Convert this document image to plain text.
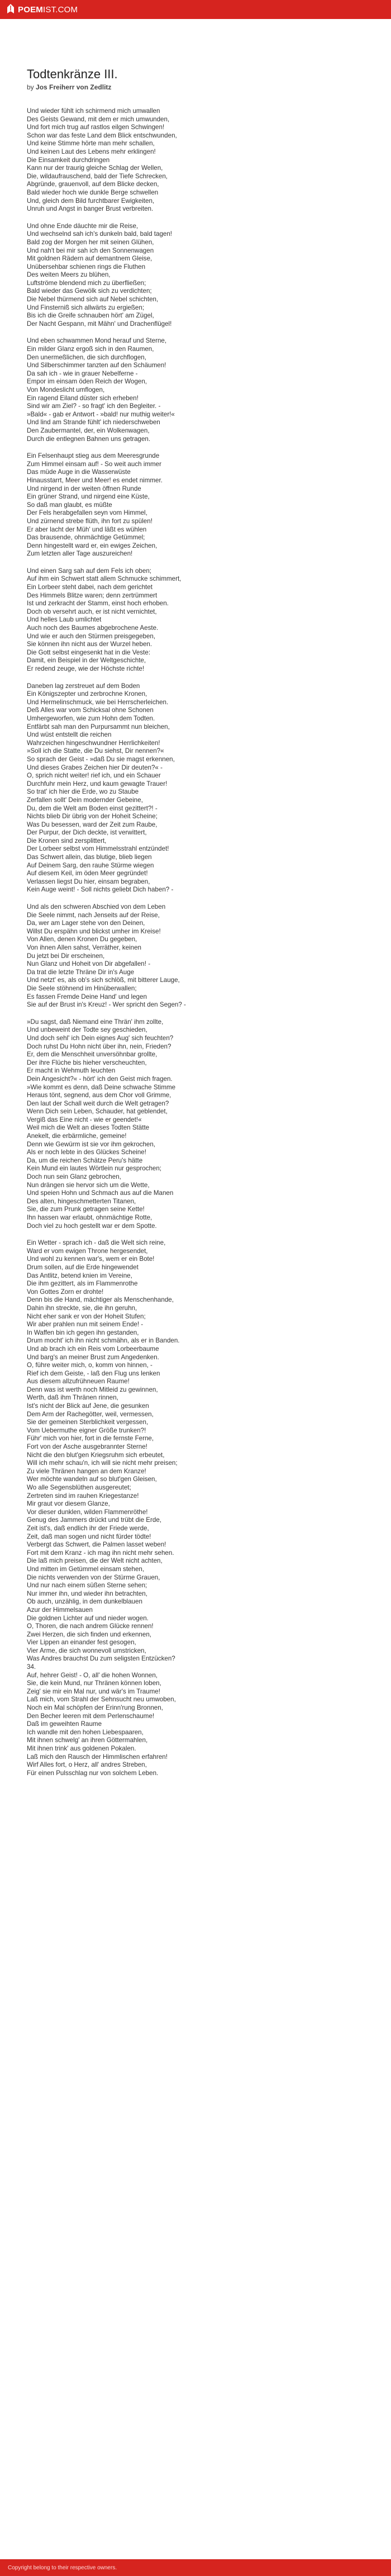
POEMIST.COM
Todtenkränze III.
by Jos Freiherr von Zedlitz

Und wieder fühlt ich schirmend mich umwallen
Des Geists Gewand, mit dem er mich umwunden,
Und fort mich trug auf rastlos eilgen Schwingen!
Schon war das feste Land dem Blick entschwunden,
Und keine Stimme hörte man mehr schallen,
Und keinen Laut des Lebens mehr erklingen!
Die Einsamkeit durchdringen
Kann nur der traurig gleiche Schlag der Wellen,
Die, wildaufrauschend, bald der Tiefe Schrecken,
Abgründe, grauenvoll, auf dem Blicke decken,
Bald wieder hoch wie dunkle Berge schwellen
Und, gleich dem Bild furchtbarer Ewigkeiten,
Unruh und Angst in banger Brust verbreiten.

Und ohne Ende däuchte mir die Reise,
Und wechselnd sah ich's dunkeln bald, bald tagen!
Bald zog der Morgen her mit seinen Glühen,
Und nah't bei mir sah ich den Sonnenwagen
Mit goldnen Rädern auf demantnem Gleise,
Unübersehbar schienen rings die Fluthen
Des weiten Meers zu blühen,
Luftströme blendend mich zu überfließen;
Bald wieder das Gewölk sich zu verdichten;
Die Nebel thürmend sich auf Nebel schichten,
Und Finsterniß sich allwärts zu ergießen;
Bis ich die Greife schnauben hört' am Zügel,
Der Nacht Gespann, mit Mähn' und Drachenflügel!

Und eben schwammen Mond herauf und Sterne,
Ein milder Glanz ergoß sich in den Raumen,
Den unermeßlichen, die sich durchflogen,
Und Silberschimmer tanzten auf den Schäumen!
Da sah ich - wie in grauer Nebelferne -
Empor im einsam öden Reich der Wogen,
Von Mondeslicht umflogen,
Ein ragend Eiland düster sich erheben!
Sind wir am Ziel? - so fragt' ich den Begleiter. -
»Bald« - gab er Antwort - »bald! nur muthig weiter!«
Und lind am Strande fühlt' ich niederschweben
Den Zaubermantel, der, ein Wolkenwagen,
Durch die entlegnen Bahnen uns getragen.

Ein Felsenhaupt stieg aus dem Meeresgrunde
Zum Himmel einsam auf! - So weit auch immer
Das müde Auge in die Wasserwüste
Hinausstarrt, Meer und Meer! es endet nimmer.
Und nirgend in der weiten öffnen Runde
Ein grüner Strand, und nirgend eine Küste,
So daß man glaubt, es müßte
Der Fels herabgefallen seyn vom Himmel,
Und zürnend strebe flüth, ihn fort zu spülen!
Er aber lacht der Müh' und läßt es wühlen
Das brausende, ohnmächtige Getümmel;
Denn hingestellt ward er, ein ewiges Zeichen,
Zum letzten aller Tage auszureichen!

Und einen Sarg sah auf dem Fels ich oben;
Auf ihm ein Schwert statt allem Schmucke schimmert,
Ein Lorbeer steht dabei, nach dem gerichtet
Des Himmels Blitze waren; denn zertrümmert
Ist und zerkracht der Stamm, einst hoch erhoben.
Doch ob versehrt auch, er ist nicht vernichtet,
Und helles Laub umlichtet
Auch noch des Baumes abgebrochene Aeste.
Und wie er auch den Stürmen preisgegeben,
Sie können ihn nicht aus der Wurzel heben.
Die Gott selbst eingesenkt hat in die Veste:
Damit, ein Beispiel in der Weltgeschichte,
Er redend zeuge, wie der Höchste richte!

Daneben lag zerstreuet auf dem Boden
Ein Königszepter und zerbrochne Kronen,
Und Hermelinschmuck, wie bei Herrscherleichen.
Deß Alles war vom Schicksal ohne Schonen
Umhergeworfen, wie zum Hohn dem Todten.
Entfärbt sah man den Purpursammt nun bleichen,
Und wüst entstellt die reichen
Wahrzeichen hingeschwundner Herrlichkeiten!
»Soll ich die Statte, die Du siehst, Dir nennen?«
So sprach der Geist - »daß Du sie magst erkennen,
Und dieses Grabes Zeichen hier Dir deuten?« -
O, sprich nicht weiter! rief ich, und ein Schauer
Durchfuhr mein Herz, und kaum gewagte Trauer!
So trat' ich hier die Erde, wo zu Staube
Zerfallen sollt' Dein modernder Gebeine,
Du, dem die Welt am Boden einst gezittert?! -
Nichts blieb Dir übrig von der Hoheit Scheine;
Was Du besessen, ward der Zeit zum Raube,
Der Purpur, der Dich deckte, ist verwittert,
Die Kronen sind zersplittert,
Der Lorbeer selbst vom Himmelsstrahl entzündet!
Das Schwert allein, das blutige, blieb liegen
Auf Deinem Sarg, den rauhe Stürme wiegen
Auf diesem Keil, im öden Meer gegründet!
Verlassen liegst Du hier, einsam begraben,
Kein Auge weint! - Soll nichts geliebt Dich haben? -

Und als den schweren Abschied von dem Leben
Die Seele nimmt, nach Jenseits auf der Reise,
Da, wer am Lager stehe von den Deinen,
Willst Du erspähn und blickst umher im Kreise!
Von Allen, denen Kronen Du gegeben,
Von ihnen Allen sahst, Verräther, keinen
Du jetzt bei Dir erscheinen,
Nun Glanz und Hoheit von Dir abgefallen! -
Da trat die letzte Thräne Dir in's Auge
Und netzt' es, als ob's sich schlöß, mit bitterer Lauge,
Die Seele stöhnend im Hinüberwallen;
Es fassen Fremde Deine Hand' und legen
Sie auf der Brust in's Kreuz! - Wer spricht den Segen? -

»Du sagst, daß Niemand eine Thrän' ihm zollte,
Und unbeweint der Todte sey geschieden,
Und doch sehl' ich Dein eignes Aug' sich feuchten?
Doch ruhst Du Hohn nicht über ihn, nein, Frieden?
Er, dem die Menschheit unversöhnbar grollte,
Der ihre Flüche bis hieher verscheuchten,
Er macht in Wehmuth leuchten
Dein Angesicht?« - hört' ich den Geist mich fragen.
»Wie kommt es denn, daß Deine schwache Stimme
Heraus tönt, segnend, aus dem Chor voll Grimme,
Den laut der Schall weit durch die Welt getragen?
Wenn Dich sein Leben, Schauder, hat geblendet,
Vergiß das Eine nicht - wie er geendet!«
Weil mich die Welt an dieses Todten Stätte
Anekelt, die erbärmliche, gemeine!
Denn wie Gewürm ist sie vor ihm gekrochen,
Als er noch lebte in des Glückes Scheine!
Da, um die reichen Schätze Peru's hätte
Kein Mund ein lautes Wörtlein nur gesprochen;
Doch nun sein Glanz gebrochen,
Nun drängen sie hervor sich um die Wette,
Und speien Hohn und Schmach aus auf die Manen
Des alten, hingeschmetterten Titanen,
Sie, die zum Prunk getragen seine Kette!
Ihn hassen war erlaubt, ohnmächtige Rotte,
Doch viel zu hoch gestellt war er dem Spotte.

Ein Wetter - sprach ich - daß die Welt sich reine,
Ward er vom ewigen Throne hergesendet,
Und wohl zu kennen war's, wem er ein Bote!
Drum sollen, auf die Erde hingewendet
Das Antlitz, betend knien im Vereine,
Die ihm gezittert, als im Flammenrothe
Von Gottes Zorn er drohte!
Denn bis die Hand, mächtiger als Menschenhande,
Dahin ihn streckte, sie, die ihn geruhn,
Nicht eher sank er von der Hoheit Stufen;
Wir aber prahlen nun mit seinem Ende! -
In Waffen bin ich gegen ihn gestanden,
Drum mocht' ich ihn nicht schmähn, als er in Banden.
Und ab brach ich ein Reis vom Lorbeerbaume
Und barg's an meiner Brust zum Angedenken.
O, führe weiter mich, o, komm von hinnen, -
Rief ich dem Geiste, - laß den Flug uns lenken
Aus diesem allzufrühneuen Raume!
Denn was ist werth noch Mitleid zu gewinnen,
Werth, daß ihm Thränen rinnen,
Ist's nicht der Blick auf Jene, die gesunken
Dem Arm der Rachegötter, weil, vermessen,
Sie der gemeinen Sterblichkeit vergessen,
Vom Uebermuthe eigner Größe trunken?!
Führ' mich von hier, fort in die fernste Ferne,
Fort von der Asche ausgebrannter Sterne!
Nicht die den blut'gen Kriegsruhm sich erbeutet,
Will ich mehr schau'n, ich will sie nicht mehr preisen;
Zu viele Thränen hangen an dem Kranze!
Wer möchte wandeln auf so blut'gen Gleisen,
Wo alle Segensblüthen ausgereutet;
Zertreten sind im rauhen Kriegestanze!
Mir graut vor diesem Glanze,
Vor dieser dunklen, wilden Flammenröthe!
Genug des Jammers drückt und trübt die Erde,
Zeit ist's, daß endlich ihr der Friede werde,
Zeit, daß man sogen und nicht fürder tödte!
Verbergt das Schwert, die Palmen lasset weben!
Fort mit dem Kranz - ich mag ihn nicht mehr sehen.
Die laß mich preisen, die der Welt nicht achten,
Und mitten im Getümmel einsam stehen,
Die nichts verwenden von der Stürme Grauen,
Und nur nach einem süßen Sterne sehen;
Nur immer ihn, und wieder ihn betrachten,
Ob auch, unzählig, in dem dunkelblauen
Azur der Himmelsauen
Die goldnen Lichter auf und nieder wogen.
O, Thoren, die nach andrem Glücke rennen!
Zwei Herzen, die sich finden und erkennen,
Vier Lippen an einander fest gesogen,
Vier Arme, die sich wonnevoll umstricken,
Was Andres brauchst Du zum seligsten Entzücken?
34.
Auf, hehrer Geist! - O, all' die hohen Wonnen,
Sie, die kein Mund, nur Thränen können loben,
Zeig' sie mir ein Mal nur, und wär's im Traume!
Laß mich, vom Strahl der Sehnsucht neu umwoben,
Noch ein Mal schöpfen der Erinn'rung Bronnen,
Den Becher leeren mit dem Perlenschaume!
Daß im geweihten Raume
Ich wandle mit den hohen Liebespaaren,
Mit ihnen schwelg' an ihren Göttermahlen,
Mit ihnen trink' aus goldenen Pokalen.
Laß mich den Rausch der Himmlischen erfahren!
Wirf Alles fort, o Herz, all' andres Streben,
Für einen Pulsschlag nur von solchem Leben.

Copyright belong to their respective owners.
